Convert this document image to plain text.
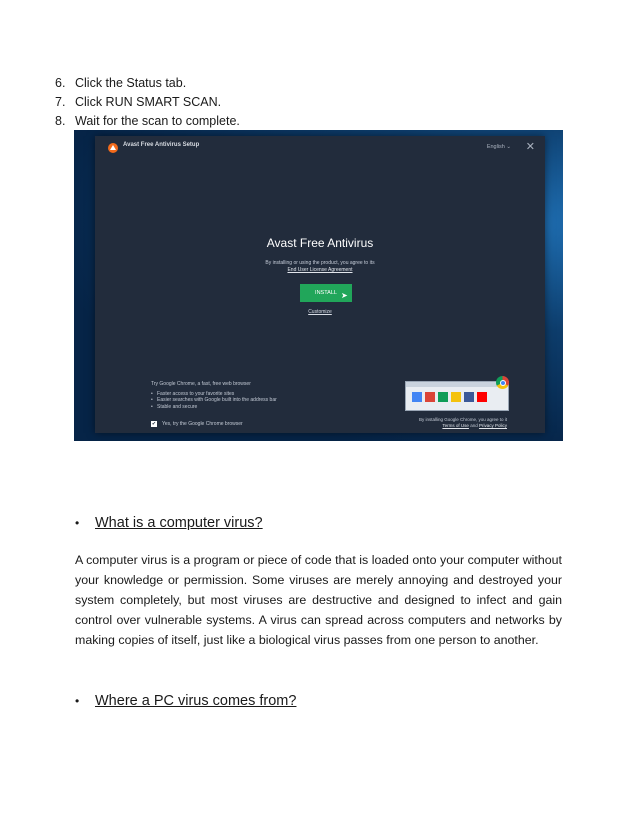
6. Click the Status tab.
7. Click RUN SMART SCAN.
8. Wait for the scan to complete.
Avast Free Antivirus Setup	English ⌄ ✕
Avast Free Antivirus
By installing or using the product, you agree to its
End User License Agreement
INSTALL ➤
Customize
Try Google Chrome, a fast, free web browser
• Faster access to your favorite sites
• Easier searches with Google built into the address bar
• Stable and secure
✔ Yes, try the Google Chrome browser
By installing Google Chrome, you agree to it
Terms of Use and Privacy Policy
•	What is a computer virus?
A computer virus is a program or piece of code that is loaded onto your computer without your knowledge or permission. Some viruses are merely annoying and destroyed your system completely, but most viruses are destructive and designed to infect and gain control over vulnerable systems. A virus can spread across computers and networks by making copies of itself, just like a biological virus passes from one person to another.
•	Where a PC virus comes from?
